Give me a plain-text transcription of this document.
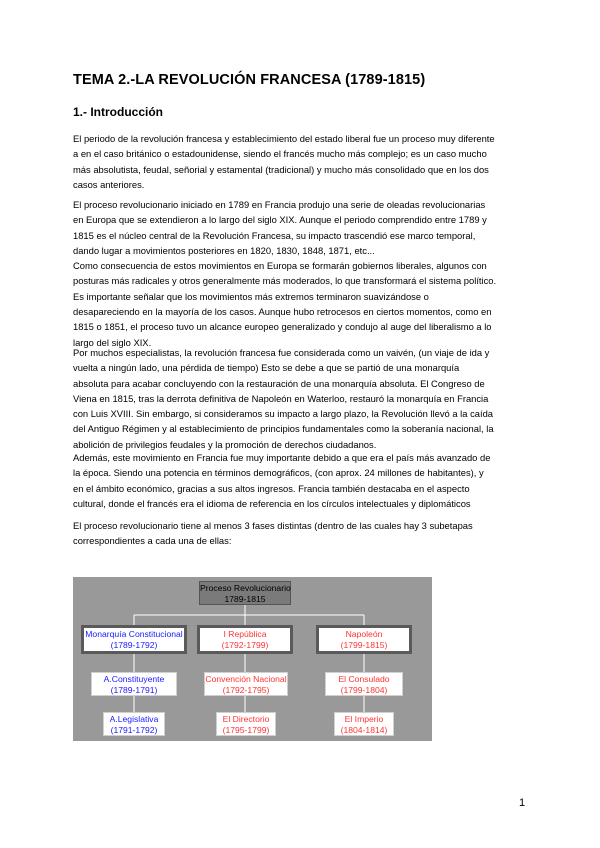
TEMA 2.-LA REVOLUCIÓN FRANCESA (1789-1815)
1.- Introducción

El periodo de la revolución francesa y establecimiento del estado liberal fue un proceso muy diferente
a en el caso británico o estadounidense, siendo el francés mucho más complejo; es un caso mucho
más absolutista, feudal, señorial y estamental (tradicional) y mucho más consolidado que en los dos
casos anteriores.

El proceso revolucionario iniciado en 1789 en Francia produjo una serie de oleadas revolucionarias
en Europa que se extendieron a lo largo del siglo XIX. Aunque el periodo comprendido entre 1789 y
1815 es el núcleo central de la Revolución Francesa, su impacto trascendió ese marco temporal,
dando lugar a movimientos posteriores en 1820, 1830, 1848, 1871, etc...
Como consecuencia de estos movimientos en Europa se formarán gobiernos liberales, algunos con
posturas más radicales y otros generalmente más moderados, lo que transformará el sistema político.
Es importante señalar que los movimientos más extremos terminaron suavizándose o
desapareciendo en la mayoría de los casos. Aunque hubo retrocesos en ciertos momentos, como en
1815 o 1851, el proceso tuvo un alcance europeo generalizado y condujo al auge del liberalismo a lo
largo del siglo XIX.

Por muchos especialistas, la revolución francesa fue considerada como un vaivén, (un viaje de ida y
vuelta a ningún lado, una pérdida de tiempo) Esto se debe a que se partió de una monarquía
absoluta para acabar concluyendo con la restauración de una monarquía absoluta. El Congreso de
Viena en 1815, tras la derrota definitiva de Napoleón en Waterloo, restauró la monarquía en Francia
con Luis XVIII. Sin embargo, si consideramos su impacto a largo plazo, la Revolución llevó a la caída
del Antiguo Régimen y al establecimiento de principios fundamentales como la soberanía nacional, la
abolición de privilegios feudales y la promoción de derechos ciudadanos.

Además, este movimiento en Francia fue muy importante debido a que era el país más avanzado de
la época. Siendo una potencia en términos demográficos, (con aprox. 24 millones de habitantes), y
en el ámbito económico, gracias a sus altos ingresos. Francia también destacaba en el aspecto
cultural, donde el francés era el idioma de referencia en los círculos intelectuales y diplomáticos

El proceso revolucionario tiene al menos 3 fases distintas (dentro de las cuales hay 3 subetapas
correspondientes a cada una de ellas:

Proceso Revolucionario
1789-1815
Monarquía Constitucional
(1789-1792)
I República
(1792-1799)
Napoleón
(1799-1815)
A.Constituyente
(1789-1791)
Convención Nacional
(1792-1795)
El Consulado
(1799-1804)
A.Legislativa
(1791-1792)
El Directorio
(1795-1799)
El Imperio
(1804-1814)
1
